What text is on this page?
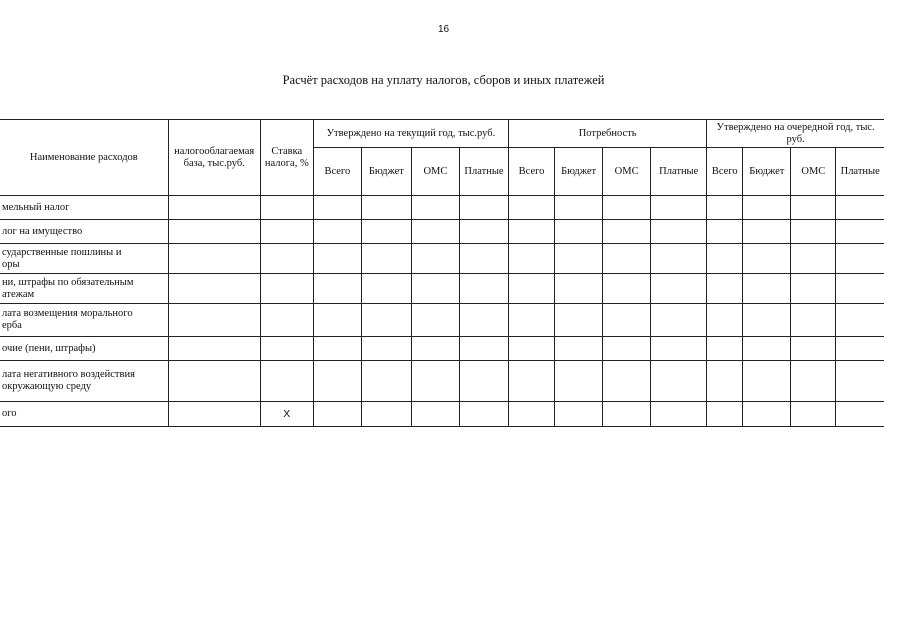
16
Расчёт расходов на уплату налогов, сборов и иных платежей
Наименование расходов	налогооблагаемая база, тыс.руб.	Ставка налога, %	Утверждено на текущий год, тыс.руб.				Потребность				Утверждено на очередной год, тыс. руб.			
			Всего	Бюджет	ОМС	Платные	Всего	Бюджет	ОМС	Платные	Всего	Бюджет	ОМС	Платные

мельный налог														

лог на имущество														

сударственные пошлины и
оры														

ни, штрафы по обязательным
атежам														

лата возмещения морального
ерба														

очие (пени, штрафы)														

лата негативного воздействия
окружающую среду														

ого		Х												
